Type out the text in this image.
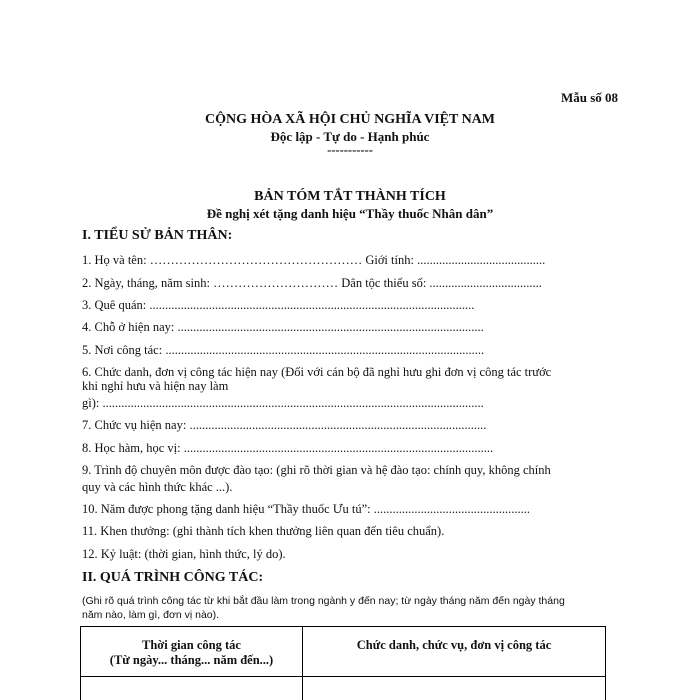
Mẫu số 08
CỘNG HÒA XÃ HỘI CHỦ NGHĨA VIỆT NAM
Độc lập - Tự do - Hạnh phúc
-----------
BẢN TÓM TẮT THÀNH TÍCH
Đề nghị xét tặng danh hiệu “Thầy thuốc Nhân dân”
I. TIỂU SỬ BẢN THÂN:
1. Họ và tên: …………………………………………… Giới tính: .........................................
2. Ngày, tháng, năm sinh: ………………………… Dân tộc thiểu số: ....................................
3. Quê quán: ........................................................................................................
4. Chỗ ở hiện nay: ..................................................................................................
5. Nơi công tác: ......................................................................................................
6. Chức danh, đơn vị công tác hiện nay (Đối với cán bộ đã nghỉ hưu ghi đơn vị công tác trước
khi nghỉ hưu và hiện nay làm
gì): ..........................................................................................................................
7. Chức vụ hiện nay: ...............................................................................................
8. Học hàm, học vị: ...................................................................................................
9. Trình độ chuyên môn được đào tạo: (ghi rõ thời gian và hệ đào tạo: chính quy, không chính
quy và các hình thức khác ...).
10. Năm được phong tặng danh hiệu “Thầy thuốc Ưu tú”: ..................................................
11. Khen thưởng: (ghi thành tích khen thưởng liên quan đến tiêu chuẩn).
12. Kỷ luật: (thời gian, hình thức, lý do).
II. QUÁ TRÌNH CÔNG TÁC:
(Ghi rõ quá trình công tác từ khi bắt đầu làm trong ngành y đến nay; từ ngày tháng năm đến ngày tháng
năm nào, làm gì, đơn vị nào).
Thời gian công tác
(Từ ngày... tháng... năm đến...)	Chức danh, chức vụ, đơn vị công tác
